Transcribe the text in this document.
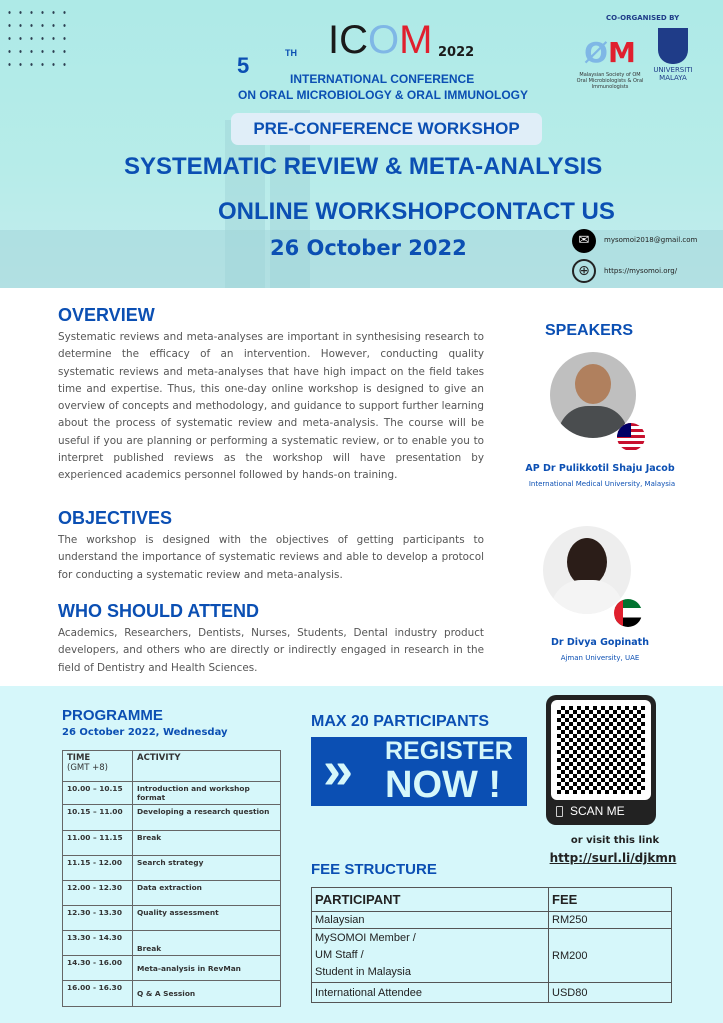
5	TH ICOM 2022
INTERNATIONAL CONFERENCE
ON ORAL MICROBIOLOGY & ORAL IMMUNOLOGY
PRE-CONFERENCE WORKSHOP
SYSTEMATIC REVIEW & META-ANALYSIS
ONLINE WORKSHOPCONTACT US
26 October 2022
CO-ORGANISED BY
ØM
Malaysian Society of OM Oral Microbiologists & Oral Immunologists
UNIVERSITI MALAYA
✉	mysomoi2018@gmail.com
⊕	https://mysomoi.org/
OVERVIEW

Systematic reviews and meta-analyses are important in synthesising research to determine the efficacy of an intervention. However, conducting quality systematic reviews and meta-analyses that have high impact on the field takes time and expertise. Thus, this one-day online workshop is designed to give an overview of concepts and methodology, and guidance to support further learning about the process of systematic review and meta-analysis. The course will be useful if you are planning or performing a systematic review, or to enable you to interpret published reviews as the workshop will have presentation by experienced academics personnel followed by hands-on training.

OBJECTIVES

The workshop is designed with the objectives of getting participants to understand the importance of systematic reviews and able to develop a protocol for conducting a systematic review and meta-analysis.

WHO SHOULD ATTEND

Academics, Researchers, Dentists, Nurses, Students, Dental industry product developers, and others who are directly or indirectly engaged in research in the field of Dentistry and Health Sciences.

SPEAKERS
AP Dr Pulikkotil Shaju Jacob
International Medical University, Malaysia
Dr Divya Gopinath
Ajman University, UAE
PROGRAMME
26 October 2022, Wednesday
TIME
(GMT +8)	ACTIVITY
10.00 – 10.15	Introduction and workshop format
10.15 – 11.00	Developing a research question
11.00 – 11.15	Break
11.15 - 12.00	Search strategy
12.00 - 12.30	Data extraction
12.30 - 13.30	Quality assessment
13.30 - 14.30	Break
14.30 - 16.00	Meta-analysis in RevMan
16.00 - 16.30	Q & A Session
MAX 20 PARTICIPANTS
» REGISTER
NOW !
SCAN ME
or visit this link
http://surl.li/djkmn
FEE STRUCTURE
PARTICIPANT	FEE
Malaysian	RM250

MySOMOI Member /
UM Staff /
Student in Malaysia	RM200
International Attendee	USD80
